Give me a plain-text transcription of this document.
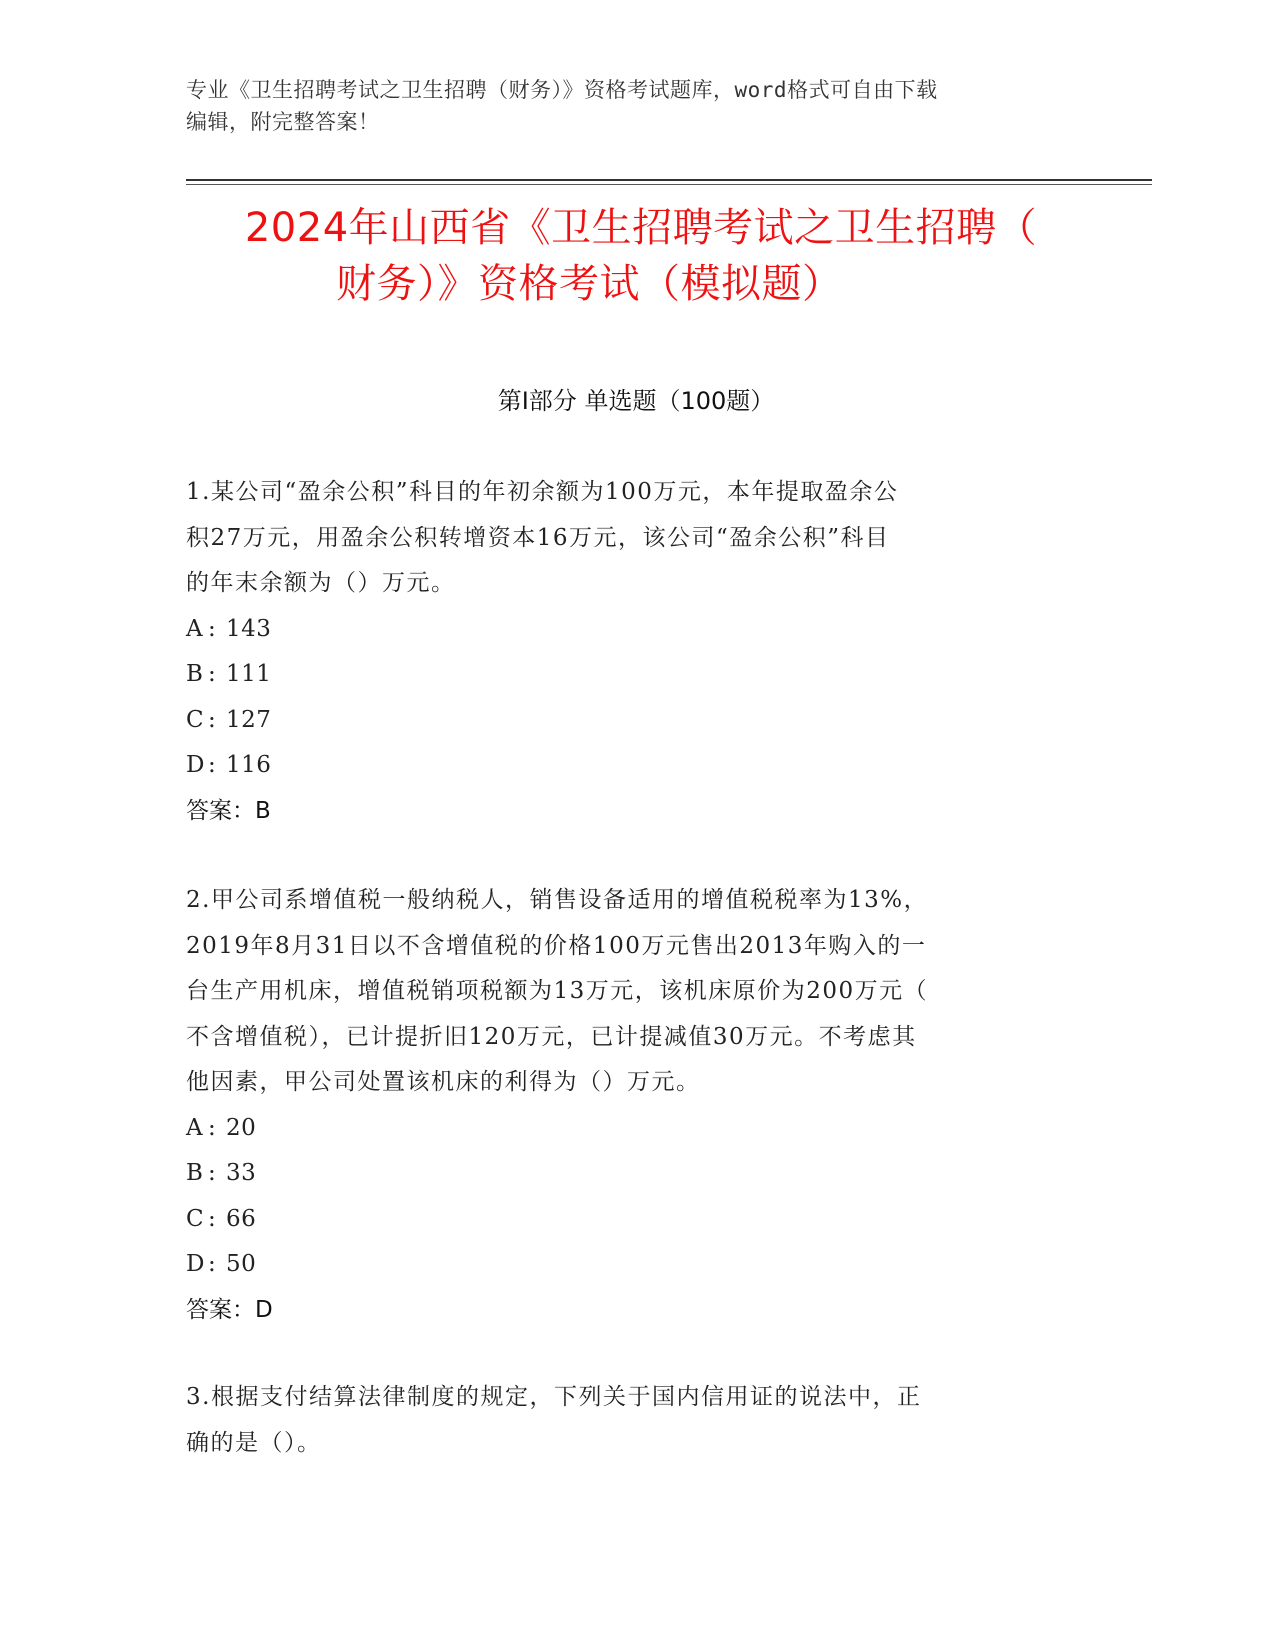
专业《卫生招聘考试之卫生招聘（财务）》资格考试题库，word格式可自由下载
编辑，附完整答案！
2024年山西省《卫生招聘考试之卫生招聘（
财务）》资格考试（模拟题）
第I部分 单选题（100题）
1.某公司“盈余公积”科目的年初余额为100万元，本年提取盈余公
积27万元，用盈余公积转增资本16万元，该公司“盈余公积”科目
的年末余额为（）万元。
A : 143
B : 111
C : 127
D : 116
答案：B
2.甲公司系增值税一般纳税人，销售设备适用的增值税税率为13%，
2019年8月31日以不含增值税的价格100万元售出2013年购入的一
台生产用机床，增值税销项税额为13万元，该机床原价为200万元（
不含增值税），已计提折旧120万元，已计提减值30万元。不考虑其
他因素，甲公司处置该机床的利得为（）万元。
A : 20
B : 33
C : 66
D : 50
答案：D
3.根据支付结算法律制度的规定，下列关于国内信用证的说法中，正
确的是（）。
